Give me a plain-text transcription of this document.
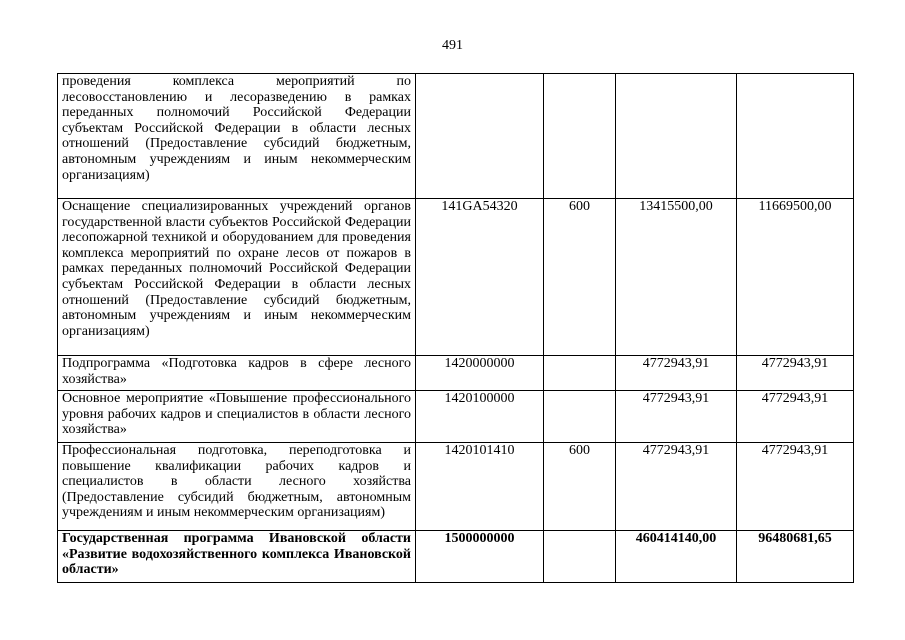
491
проведения комплекса мероприятий по лесовосстановлению и лесоразведению в рамках переданных полномочий Российской Федерации субъектам Российской Федерации в области лесных отношений (Предоставление субсидий бюджетным, автономным учреждениям и иным некоммерческим организациям)				
Оснащение специализированных учреждений органов государственной власти субъектов Российской Федерации лесопожарной техникой и оборудованием для проведения комплекса мероприятий по охране лесов от пожаров в рамках переданных полномочий Российской Федерации субъектам Российской Федерации в области лесных отношений (Предоставление субсидий бюджетным, автономным учреждениям и иным некоммерческим организациям)	141GA54320	600	13415500,00	11669500,00
Подпрограмма «Подготовка кадров в сфере лесного хозяйства»	1420000000		4772943,91	4772943,91
Основное мероприятие «Повышение профессионального уровня рабочих кадров и специалистов в области лесного хозяйства»	1420100000		4772943,91	4772943,91
Профессиональная подготовка, переподготовка и повышение квалификации рабочих кадров и специалистов в области лесного хозяйства (Предоставление субсидий бюджетным, автономным учреждениям и иным некоммерческим организациям)	1420101410	600	4772943,91	4772943,91
Государственная программа Ивановской области «Развитие водохозяйственного комплекса Ивановской области»	1500000000		460414140,00	96480681,65
